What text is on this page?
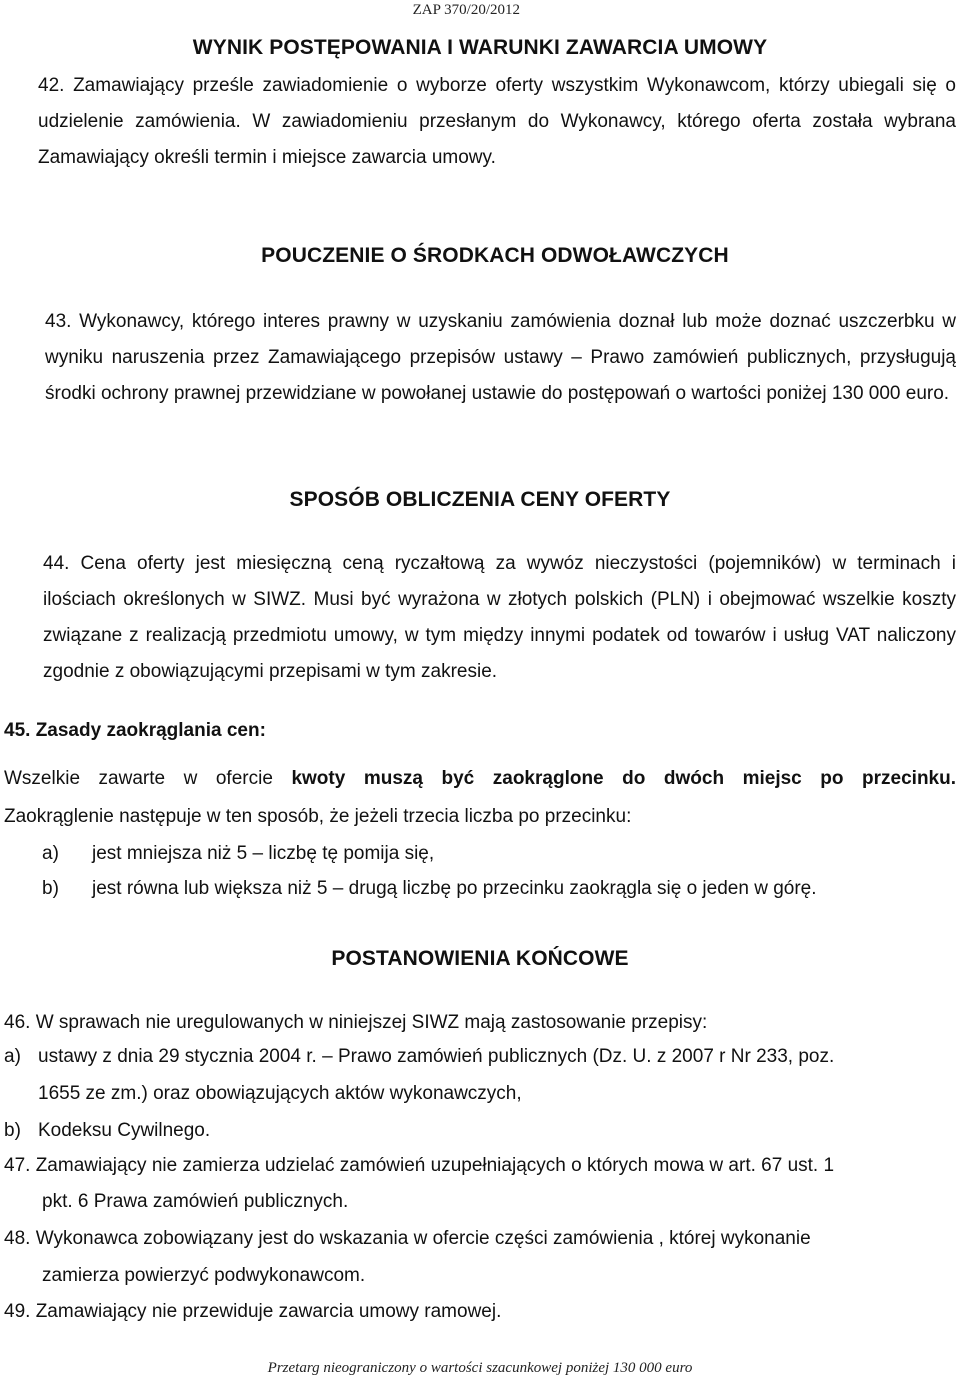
ZAP 370/20/2012
WYNIK POSTĘPOWANIA I WARUNKI ZAWARCIA UMOWY

42. Zamawiający prześle zawiadomienie o wyborze oferty wszystkim Wykonawcom, którzy ubiegali się o udzielenie zamówienia. W zawiadomieniu przesłanym do Wykonawcy, którego oferta została wybrana Zamawiający określi termin i miejsce zawarcia umowy.

POUCZENIE O ŚRODKACH ODWOŁAWCZYCH

43. Wykonawcy, którego interes prawny w uzyskaniu zamówienia doznał lub może doznać uszczerbku w wyniku naruszenia przez Zamawiającego przepisów ustawy – Prawo zamówień publicznych, przysługują środki ochrony prawnej przewidziane w powołanej ustawie do postępowań o wartości poniżej 130 000 euro.

SPOSÓB OBLICZENIA CENY OFERTY

44. Cena oferty jest miesięczną ceną ryczałtową za wywóz nieczystości (pojemników) w terminach i ilościach określonych w SIWZ. Musi być wyrażona w złotych polskich (PLN) i obejmować wszelkie koszty związane z realizacją przedmiotu umowy, w tym między innymi podatek od towarów i usług VAT naliczony zgodnie z obowiązującymi przepisami w tym zakresie.

45. Zasady zaokrąglania cen:
Wszelkie zawarte w ofercie kwoty muszą być zaokrąglone do dwóch miejsc po przecinku.
Zaokrąglenie następuje w ten sposób, że jeżeli trzecia liczba po przecinku:
a) jest mniejsza niż 5 – liczbę tę pomija się,
b) jest równa lub większa niż 5 – drugą liczbę po przecinku zaokrągla się o jeden w górę.
POSTANOWIENIA KOŃCOWE
46. W sprawach nie uregulowanych w niniejszej SIWZ mają zastosowanie przepisy:
a) ustawy z dnia 29 stycznia 2004 r. – Prawo zamówień publicznych (Dz. U. z 2007 r Nr 233, poz.
1655 ze zm.) oraz obowiązujących aktów wykonawczych,
b) Kodeksu Cywilnego.
47. Zamawiający nie zamierza udzielać zamówień uzupełniających o których mowa w art. 67 ust. 1
pkt. 6 Prawa zamówień publicznych.
48. Wykonawca zobowiązany jest do wskazania w ofercie części zamówienia , której wykonanie
zamierza powierzyć podwykonawcom.
49. Zamawiający nie przewiduje zawarcia umowy ramowej.
Przetarg nieograniczony o wartości szacunkowej poniżej 130 000 euro
